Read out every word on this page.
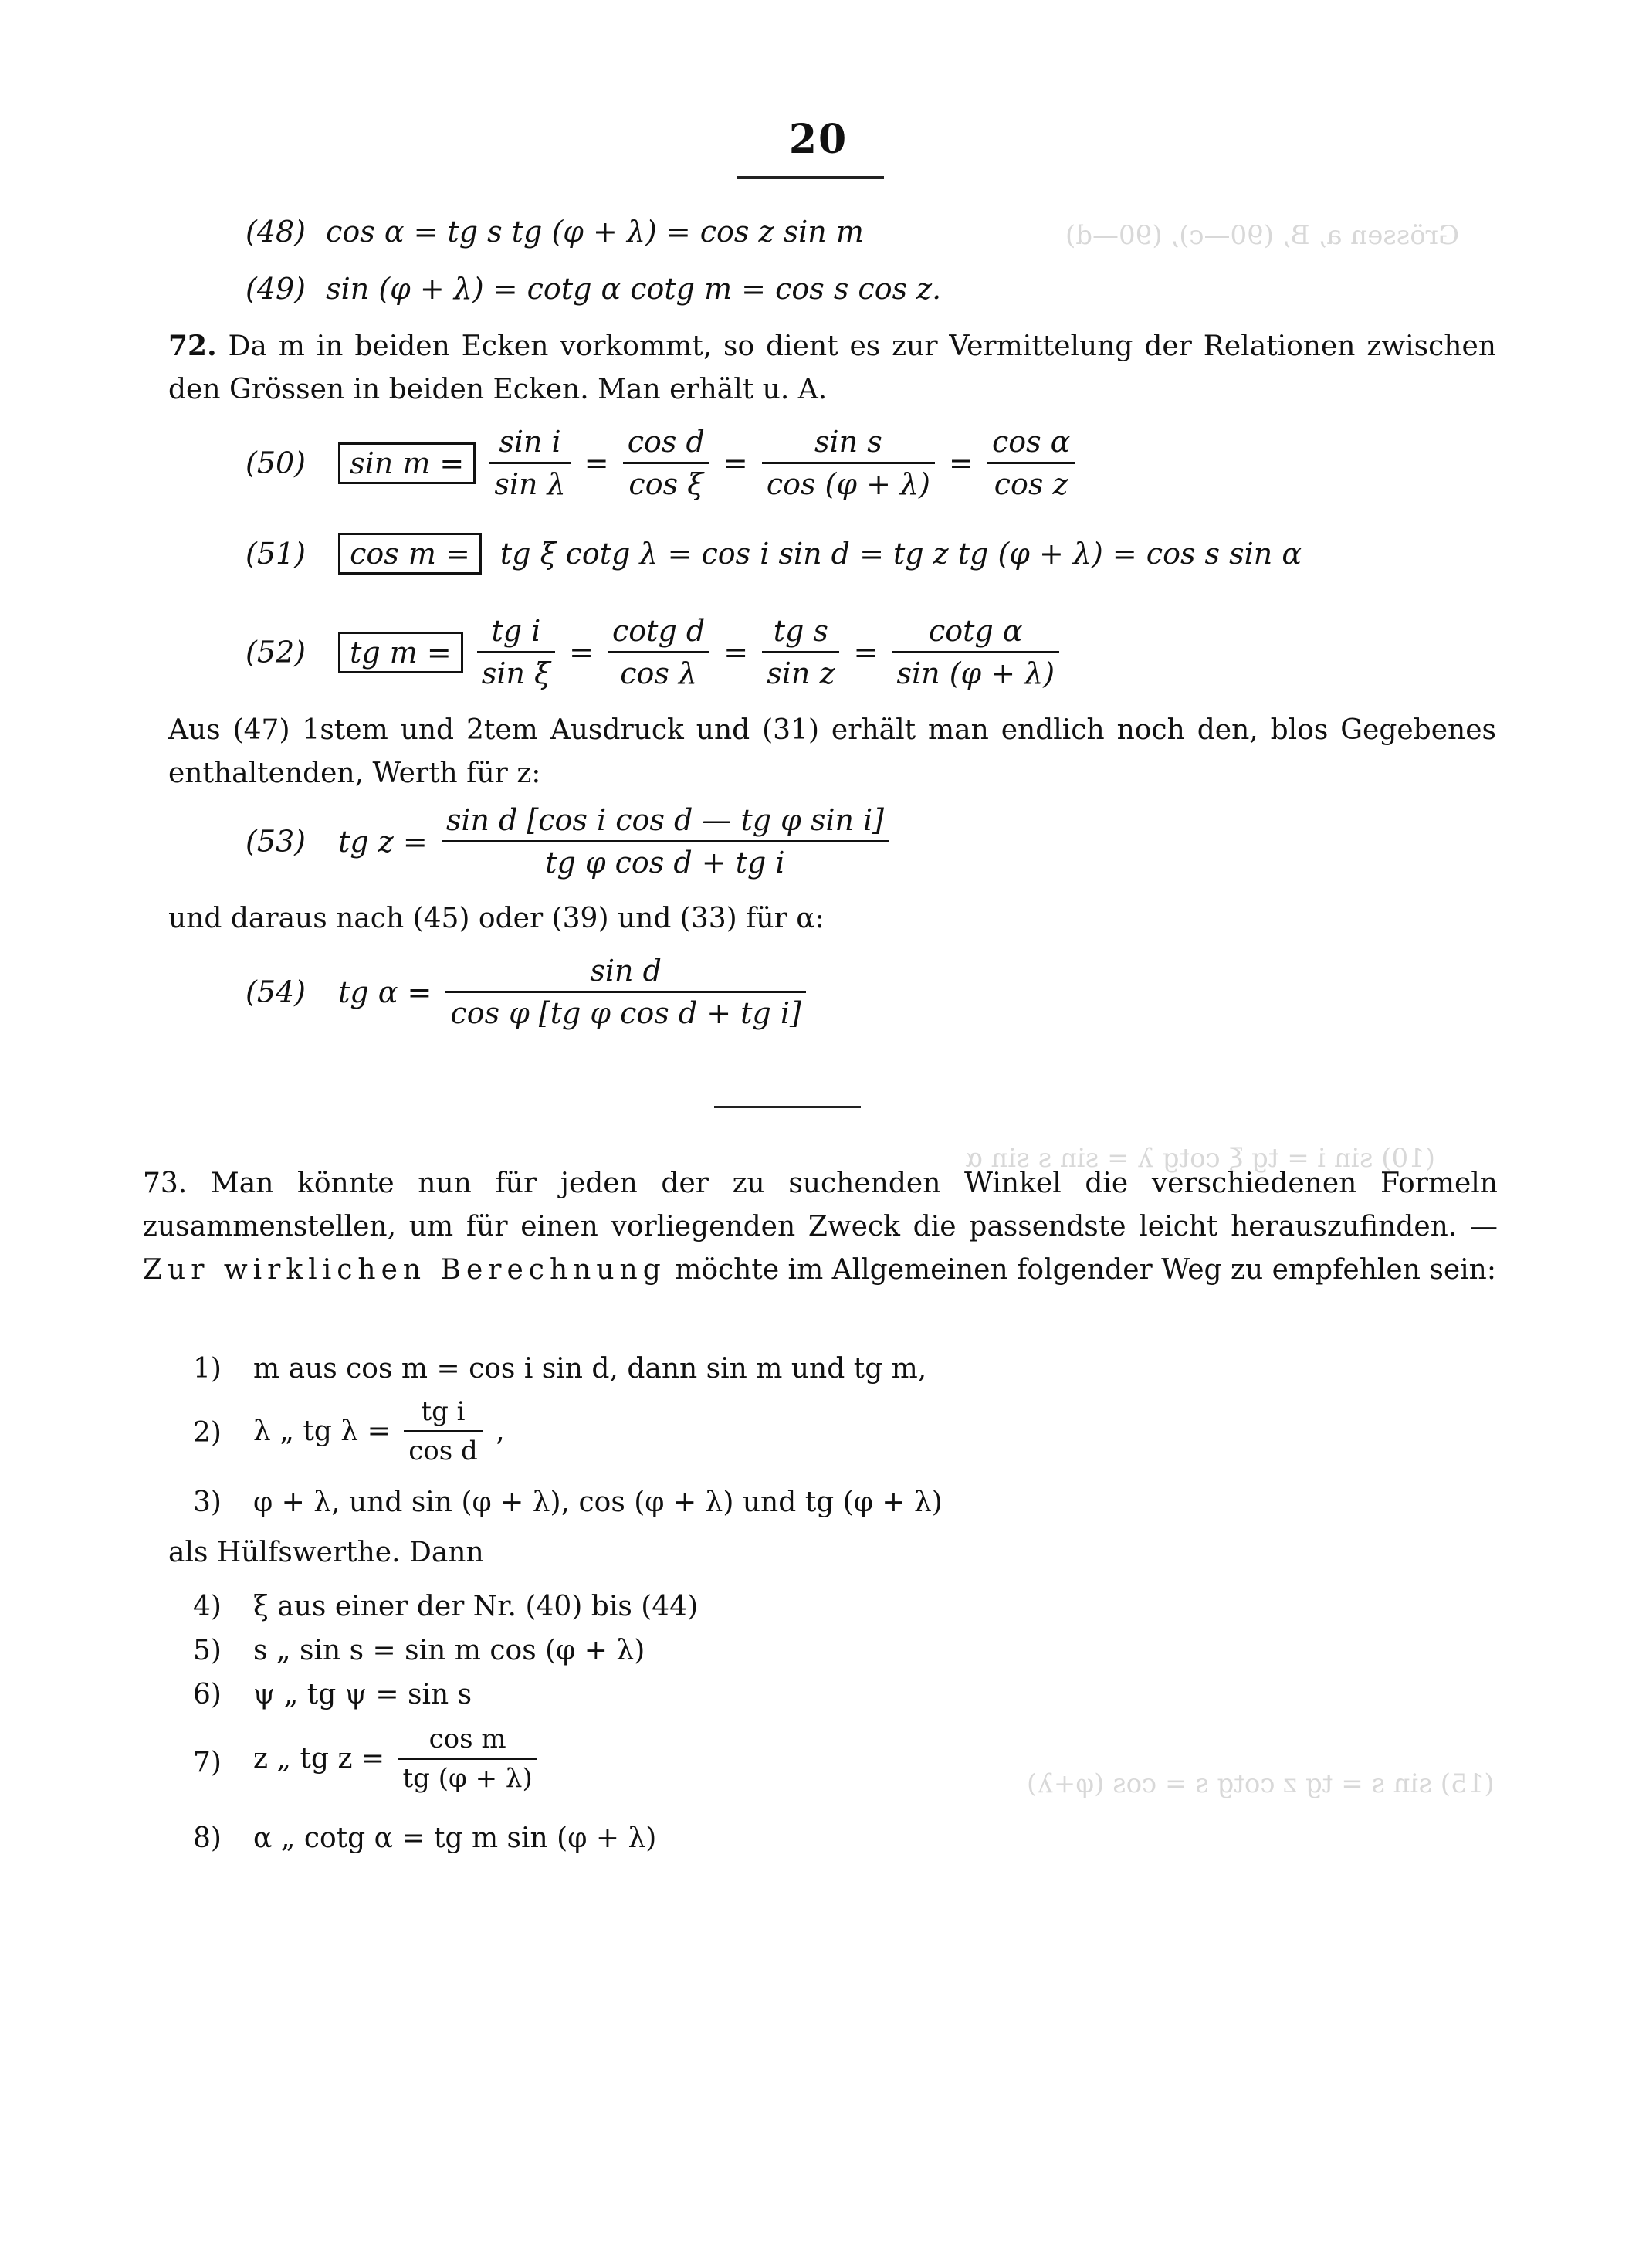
Grössen a, B, (90—c), (90—d)
(10) sin i = tg ξ cotg λ = sin s sin α
(15) sin s = tg z cotg s = cos (φ+λ)
20
(48) cos α = tg s tg (φ + λ) = cos z sin m
(49) sin (φ + λ) = cotg α cotg m = cos s cos z.
72. Da m in beiden Ecken vorkommt, so dient es zur Vermittelung der Relationen zwischen den Grössen in beiden Ecken. Man erhält u. A.
(50) $\sin m = \frac{\text{sin i}}{\text{sin λ}} = \frac{\text{cos d}}{\text{cos ξ}} = \frac{\text{sin s}}{\cos (\varphi + \lambda)} = \frac{\text{cos α}}{\text{cos z}}$
(51) cos m = tg ξ cotg λ = cos i sin d = tg z tg (φ + λ) = cos s sin α
(52) tg $m = \frac{\text{tg i}}{\text{sin ξ}} = \frac{\text{cotg d}}{\text{cos λ}} = \frac{\text{tg s}}{\text{sin z}} = \frac{\text{cotg α}}{\sin (\varphi + \lambda)}$
Aus (47) 1stem und 2tem Ausdruck und (31) erhält man endlich noch den, blos Gegebenes enthaltenden, Werth für z:
(53) tg $z = \frac{\text{sin d [cos i cos d — tg φ sin i]}}{\text{tg φ cos d + tg i}}$
und daraus nach (45) oder (39) und (33) für α:
(54) tg $\alpha = \frac{\text{sin d}}{\text{cos φ [tg φ cos d + tg i]}}$
73. Man könnte nun für jeden der zu suchenden Winkel die verschiedenen Formeln zusammenstellen, um für einen vorliegenden Zweck die passendste leicht herauszufinden. — Zur wirklichen Berechnung möchte im Allgemeinen folgender Weg zu empfehlen sein:
1) m aus cos m = cos i sin d, dann sin m und tg m,
2) λ „ tg $\lambda = \frac{\text{tg i}}{\text{cos d}}$ ,
3) φ + λ, und sin (φ + λ), cos (φ + λ) und tg (φ + λ)
als Hülfswerthe. Dann
4) ξ aus einer der Nr. (40) bis (44)
5) s „ sin s = sin m cos (φ + λ)
6) ψ „ tg ψ = sin s
7) z „ tg $z = \frac{\text{cos m}}{tg (\varphi + \lambda)}$
8) α „ cotg α = tg m sin (φ + λ)
